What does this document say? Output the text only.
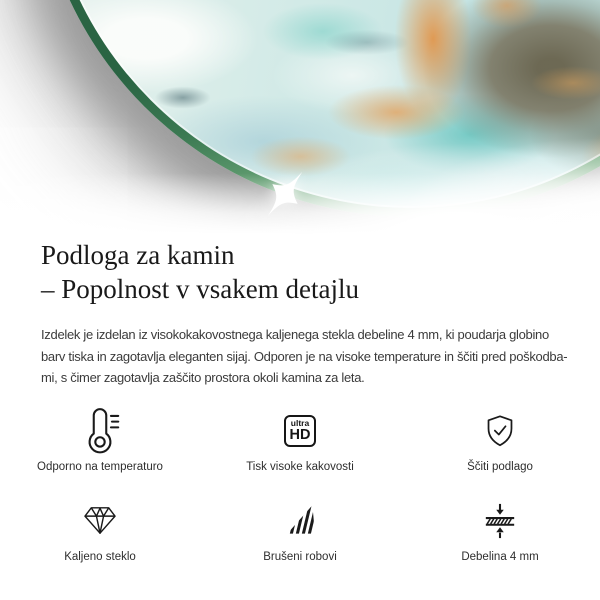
Podloga za kamin
– Popolnost v vsakem detajlu
Izdelek je izdelan iz visokokakovostnega kaljenega stekla debeline 4 mm, ki poudarja globino
barv tiska in zagotavlja eleganten sijaj. Odporen je na visoke temperature in ščiti pred poškodba-
mi, s čimer zagotavlja zaščito prostora okoli kamina za leta.
Odporno na temperaturo
ultra
HD
Tisk visoke kakovosti	Ščiti podlago
Kaljeno steklo	Brušeni robovi	Debelina 4 mm
